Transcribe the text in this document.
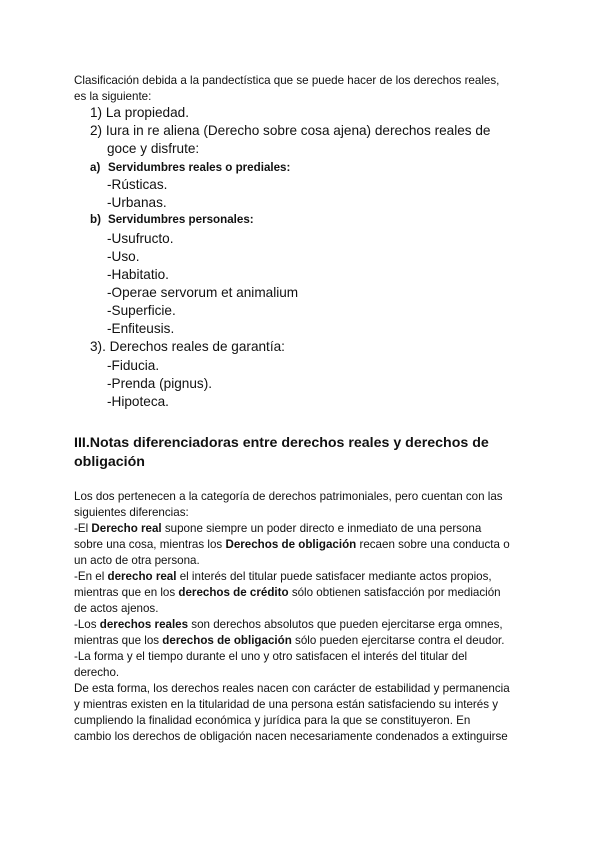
Clasificación debida a la pandectística que se puede hacer de los derechos reales,

es la siguiente:

1) La propiedad.

2) Iura in re aliena (Derecho sobre cosa ajena) derechos reales de

goce y disfrute:

a) Servidumbres reales o prediales:

-Rústicas.

-Urbanas.

b) Servidumbres personales:

-Usufructo.

-Uso.

-Habitatio.

-Operae servorum et animalium

-Superficie.

-Enfiteusis.

3). Derechos reales de garantía:

-Fiducia.

-Prenda (pignus).

-Hipoteca.

III.Notas diferenciadoras entre derechos reales y derechos de

obligación

Los dos pertenecen a la categoría de derechos patrimoniales, pero cuentan con las

siguientes diferencias:

-El Derecho real supone siempre un poder directo e inmediato de una persona

sobre una cosa, mientras los Derechos de obligación recaen sobre una conducta o

un acto de otra persona.

-En el derecho real el interés del titular puede satisfacer mediante actos propios,

mientras que en los derechos de crédito sólo obtienen satisfacción por mediación

de actos ajenos.

-Los derechos reales son derechos absolutos que pueden ejercitarse erga omnes,

mientras que los derechos de obligación sólo pueden ejercitarse contra el deudor.

-La forma y el tiempo durante el uno y otro satisfacen el interés del titular del

derecho.

De esta forma, los derechos reales nacen con carácter de estabilidad y permanencia

y mientras existen en la titularidad de una persona están satisfaciendo su interés y

cumpliendo la finalidad económica y jurídica para la que se constituyeron. En

cambio los derechos de obligación nacen necesariamente condenados a extinguirse
